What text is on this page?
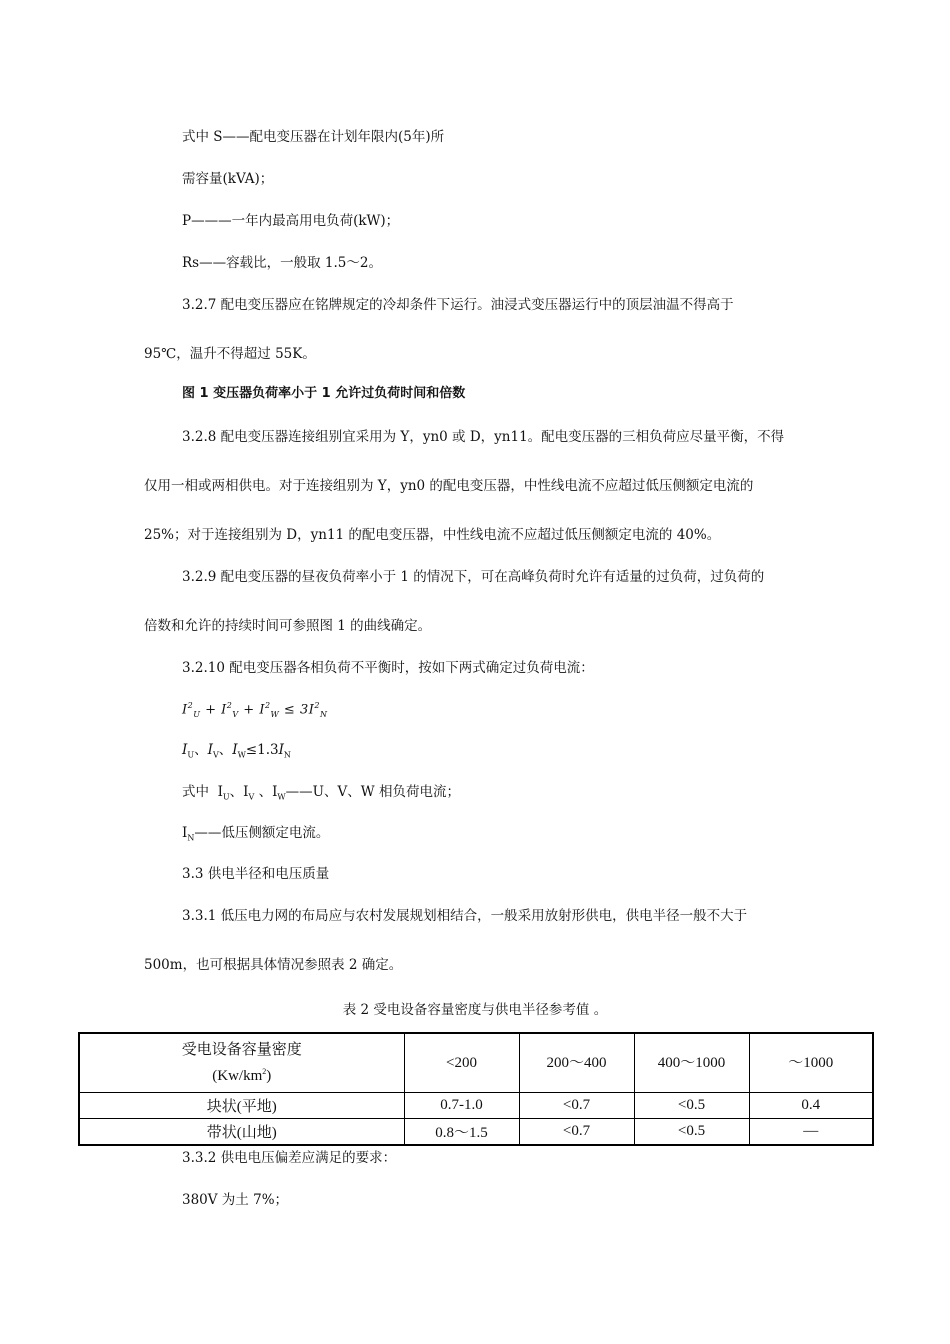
式中 S——配电变压器在计划年限内(5年)所
需容量(kVA)；
P———一年内最高用电负荷(kW)；
Rs——容载比，一般取 1.5～2。
3.2.7 配电变压器应在铭牌规定的冷却条件下运行。油浸式变压器运行中的顶层油温不得高于
95℃，温升不得超过 55K。
图 1 变压器负荷率小于 1 允许过负荷时间和倍数
3.2.8 配电变压器连接组别宜采用为 Y，yn0 或 D，yn11。配电变压器的三相负荷应尽量平衡，不得
仅用一相或两相供电。对于连接组别为 Y，yn0 的配电变压器，中性线电流不应超过低压侧额定电流的
25%；对于连接组别为 D，yn11 的配电变压器，中性线电流不应超过低压侧额定电流的 40%。
3.2.9 配电变压器的昼夜负荷率小于 1 的情况下，可在高峰负荷时允许有适量的过负荷，过负荷的
倍数和允许的持续时间可参照图 1 的曲线确定。
3.2.10 配电变压器各相负荷不平衡时，按如下两式确定过负荷电流：
$I^2_U + I^2_V + I^2_W \le 3I^2_N$
$I_U$、$I_V$、$I_W\le 1.3I_N$
式中  $I_U$、$I_V$ 、$I_W——U$、V、W 相负荷电流；
$I_N——$低压侧额定电流。
3.3 供电半径和电压质量
3.3.1 低压电力网的布局应与农村发展规划相结合，一般采用放射形供电，供电半径一般不大于
500m，也可根据具体情况参照表 2 确定。
表 2 受电设备容量密度与供电半径参考值 。
受电设备容量密度
$(Kw/km^2)$	<200	200～400	400～1000	～1000
块状(平地)	0.7-1.0	<0.7	<0.5	0.4
带状(山地)	0.8～1.5	<0.7	<0.5	—
3.3.2 供电电压偏差应满足的要求：
380V 为土 7%；
